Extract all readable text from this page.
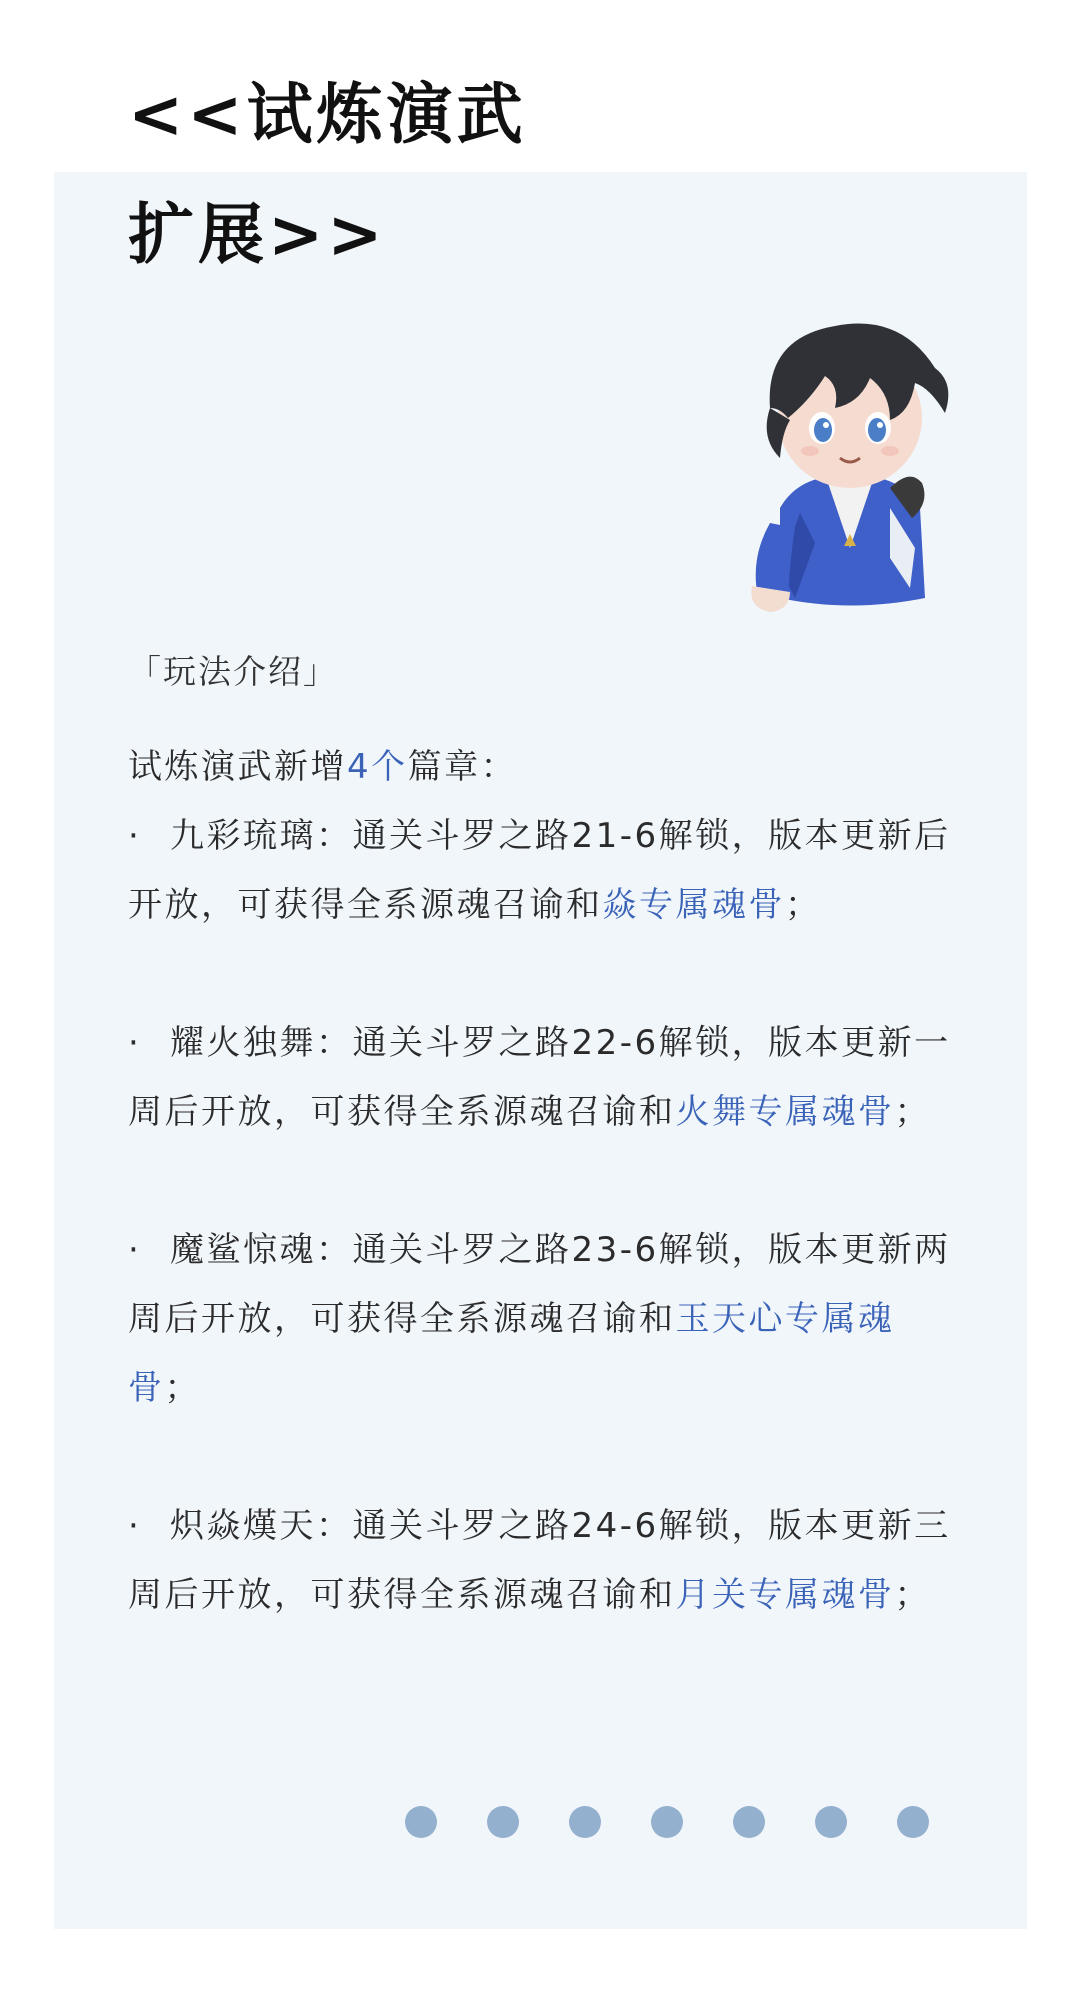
<<试炼演武
扩展>>

「玩法介绍」

试炼演武新增4个篇章：

· 九彩琉璃：通关斗罗之路21-6解锁，版本更新后开放，可获得全系源魂召谕和焱专属魂骨；

· 耀火独舞：通关斗罗之路22-6解锁，版本更新一周后开放，可获得全系源魂召谕和火舞专属魂骨；

· 魔鲨惊魂：通关斗罗之路23-6解锁，版本更新两周后开放，可获得全系源魂召谕和玉天心专属魂骨；

· 炽焱熯天：通关斗罗之路24-6解锁，版本更新三周后开放，可获得全系源魂召谕和月关专属魂骨；
